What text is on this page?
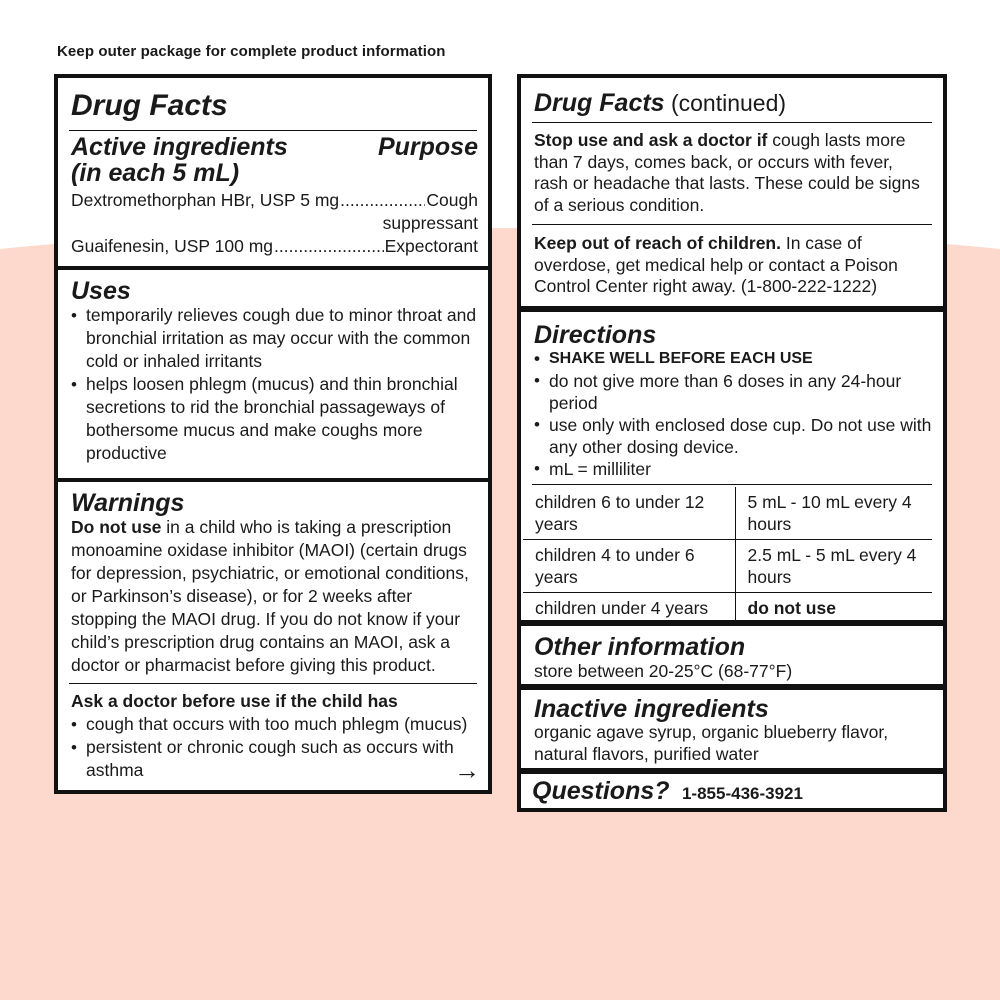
Keep outer package for complete product information
Drug Facts
Active ingredients	Purpose
(in each 5 mL)
Dextromethorphan HBr, USP 5 mg .....	Cough
suppressant
Guaifenesin, USP 100 mg .....	Expectorant
Uses
• temporarily relieves cough due to minor throat and bronchial irritation as may occur with the common cold or inhaled irritants
• helps loosen phlegm (mucus) and thin bronchial secretions to rid the bronchial passageways of bothersome mucus and make coughs more productive
Warnings

Do not use in a child who is taking a prescription monoamine oxidase inhibitor (MAOI) (certain drugs for depression, psychiatric, or emotional conditions, or Parkinson’s disease), or for 2 weeks after stopping the MAOI drug. If you do not know if your child’s prescription drug contains an MAOI, ask a doctor or pharmacist before giving this product.

Ask a doctor before use if the child has
• cough that occurs with too much phlegm (mucus)
• persistent or chronic cough such as occurs with asthma	→
Drug Facts (continued)

Stop use and ask a doctor if cough lasts more than 7 days, comes back, or occurs with fever, rash or headache that lasts. These could be signs of a serious condition.

Keep out of reach of children. In case of overdose, get medical help or contact a Poison Control Center right away. (1-800-222-1222)

Directions
• SHAKE WELL BEFORE EACH USE
• do not give more than 6 doses in any 24-hour period
• use only with enclosed dose cup. Do not use with any other dosing device.
• mL = milliliter
children 6 to under 12 years	5 mL - 10 mL every 4 hours
children 4 to under 6 years	2.5 mL - 5 mL every 4 hours
children under 4 years	do not use
Other information
store between 20-25°C (68-77°F)
Inactive ingredients

organic agave syrup, organic blueberry flavor, natural flavors, purified water

Questions? 1-855-436-3921
